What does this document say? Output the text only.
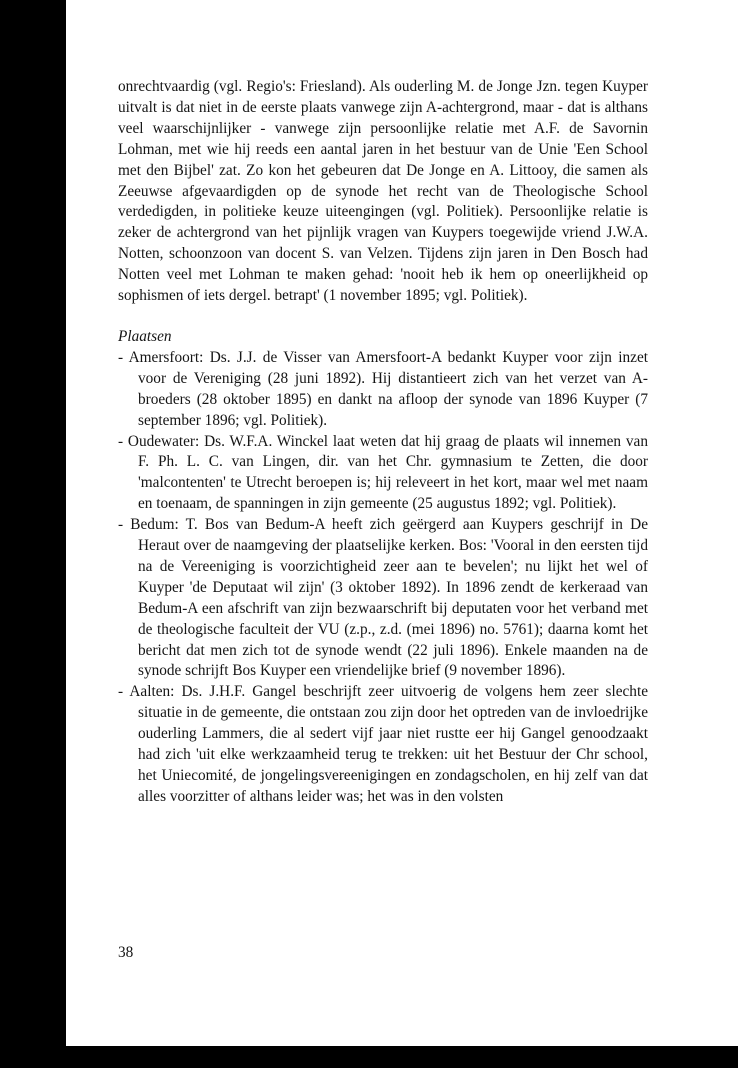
onrechtvaardig (vgl. Regio's: Friesland). Als ouderling M. de Jonge Jzn. tegen Kuyper uitvalt is dat niet in de eerste plaats vanwege zijn A-achtergrond, maar - dat is althans veel waarschijnlijker - vanwege zijn persoonlijke relatie met A.F. de Savornin Lohman, met wie hij reeds een aantal jaren in het bestuur van de Unie 'Een School met den Bijbel' zat. Zo kon het gebeuren dat De Jonge en A. Littooy, die samen als Zeeuwse afgevaardigden op de synode het recht van de Theologische School verdedigden, in politieke keuze uiteengingen (vgl. Politiek). Persoonlijke relatie is zeker de achtergrond van het pijnlijk vragen van Kuypers toegewijde vriend J.W.A. Notten, schoonzoon van docent S. van Velzen. Tijdens zijn jaren in Den Bosch had Notten veel met Lohman te maken gehad: 'nooit heb ik hem op oneerlijkheid op sophismen of iets dergel. betrapt' (1 november 1895; vgl. Politiek).

Plaatsen

- Amersfoort: Ds. J.J. de Visser van Amersfoort-A bedankt Kuyper voor zijn inzet voor de Vereniging (28 juni 1892). Hij distantieert zich van het verzet van A-broeders (28 oktober 1895) en dankt na afloop der synode van 1896 Kuyper (7 september 1896; vgl. Politiek).
- Oudewater: Ds. W.F.A. Winckel laat weten dat hij graag de plaats wil innemen van F. Ph. L. C. van Lingen, dir. van het Chr. gymnasium te Zetten, die door 'malcontenten' te Utrecht beroepen is; hij releveert in het kort, maar wel met naam en toenaam, de spanningen in zijn gemeente (25 augustus 1892; vgl. Politiek).
- Bedum: T. Bos van Bedum-A heeft zich geërgerd aan Kuypers geschrijf in De Heraut over de naamgeving der plaatselijke kerken. Bos: 'Vooral in den eersten tijd na de Vereeniging is voorzichtigheid zeer aan te bevelen'; nu lijkt het wel of Kuyper 'de Deputaat wil zijn' (3 oktober 1892). In 1896 zendt de kerkeraad van Bedum-A een afschrift van zijn bezwaarschrift bij deputaten voor het verband met de theologische faculteit der VU (z.p., z.d. (mei 1896) no. 5761); daarna komt het bericht dat men zich tot de synode wendt (22 juli 1896). Enkele maanden na de synode schrijft Bos Kuyper een vriendelijke brief (9 november 1896).
- Aalten: Ds. J.H.F. Gangel beschrijft zeer uitvoerig de volgens hem zeer slechte situatie in de gemeente, die ontstaan zou zijn door het optreden van de invloedrijke ouderling Lammers, die al sedert vijf jaar niet rustte eer hij Gangel genoodzaakt had zich 'uit elke werkzaamheid terug te trekken: uit het Bestuur der Chr school, het Uniecomité, de jongelingsvereenigingen en zondagscholen, en hij zelf van dat alles voorzitter of althans leider was; het was in den volsten
38
